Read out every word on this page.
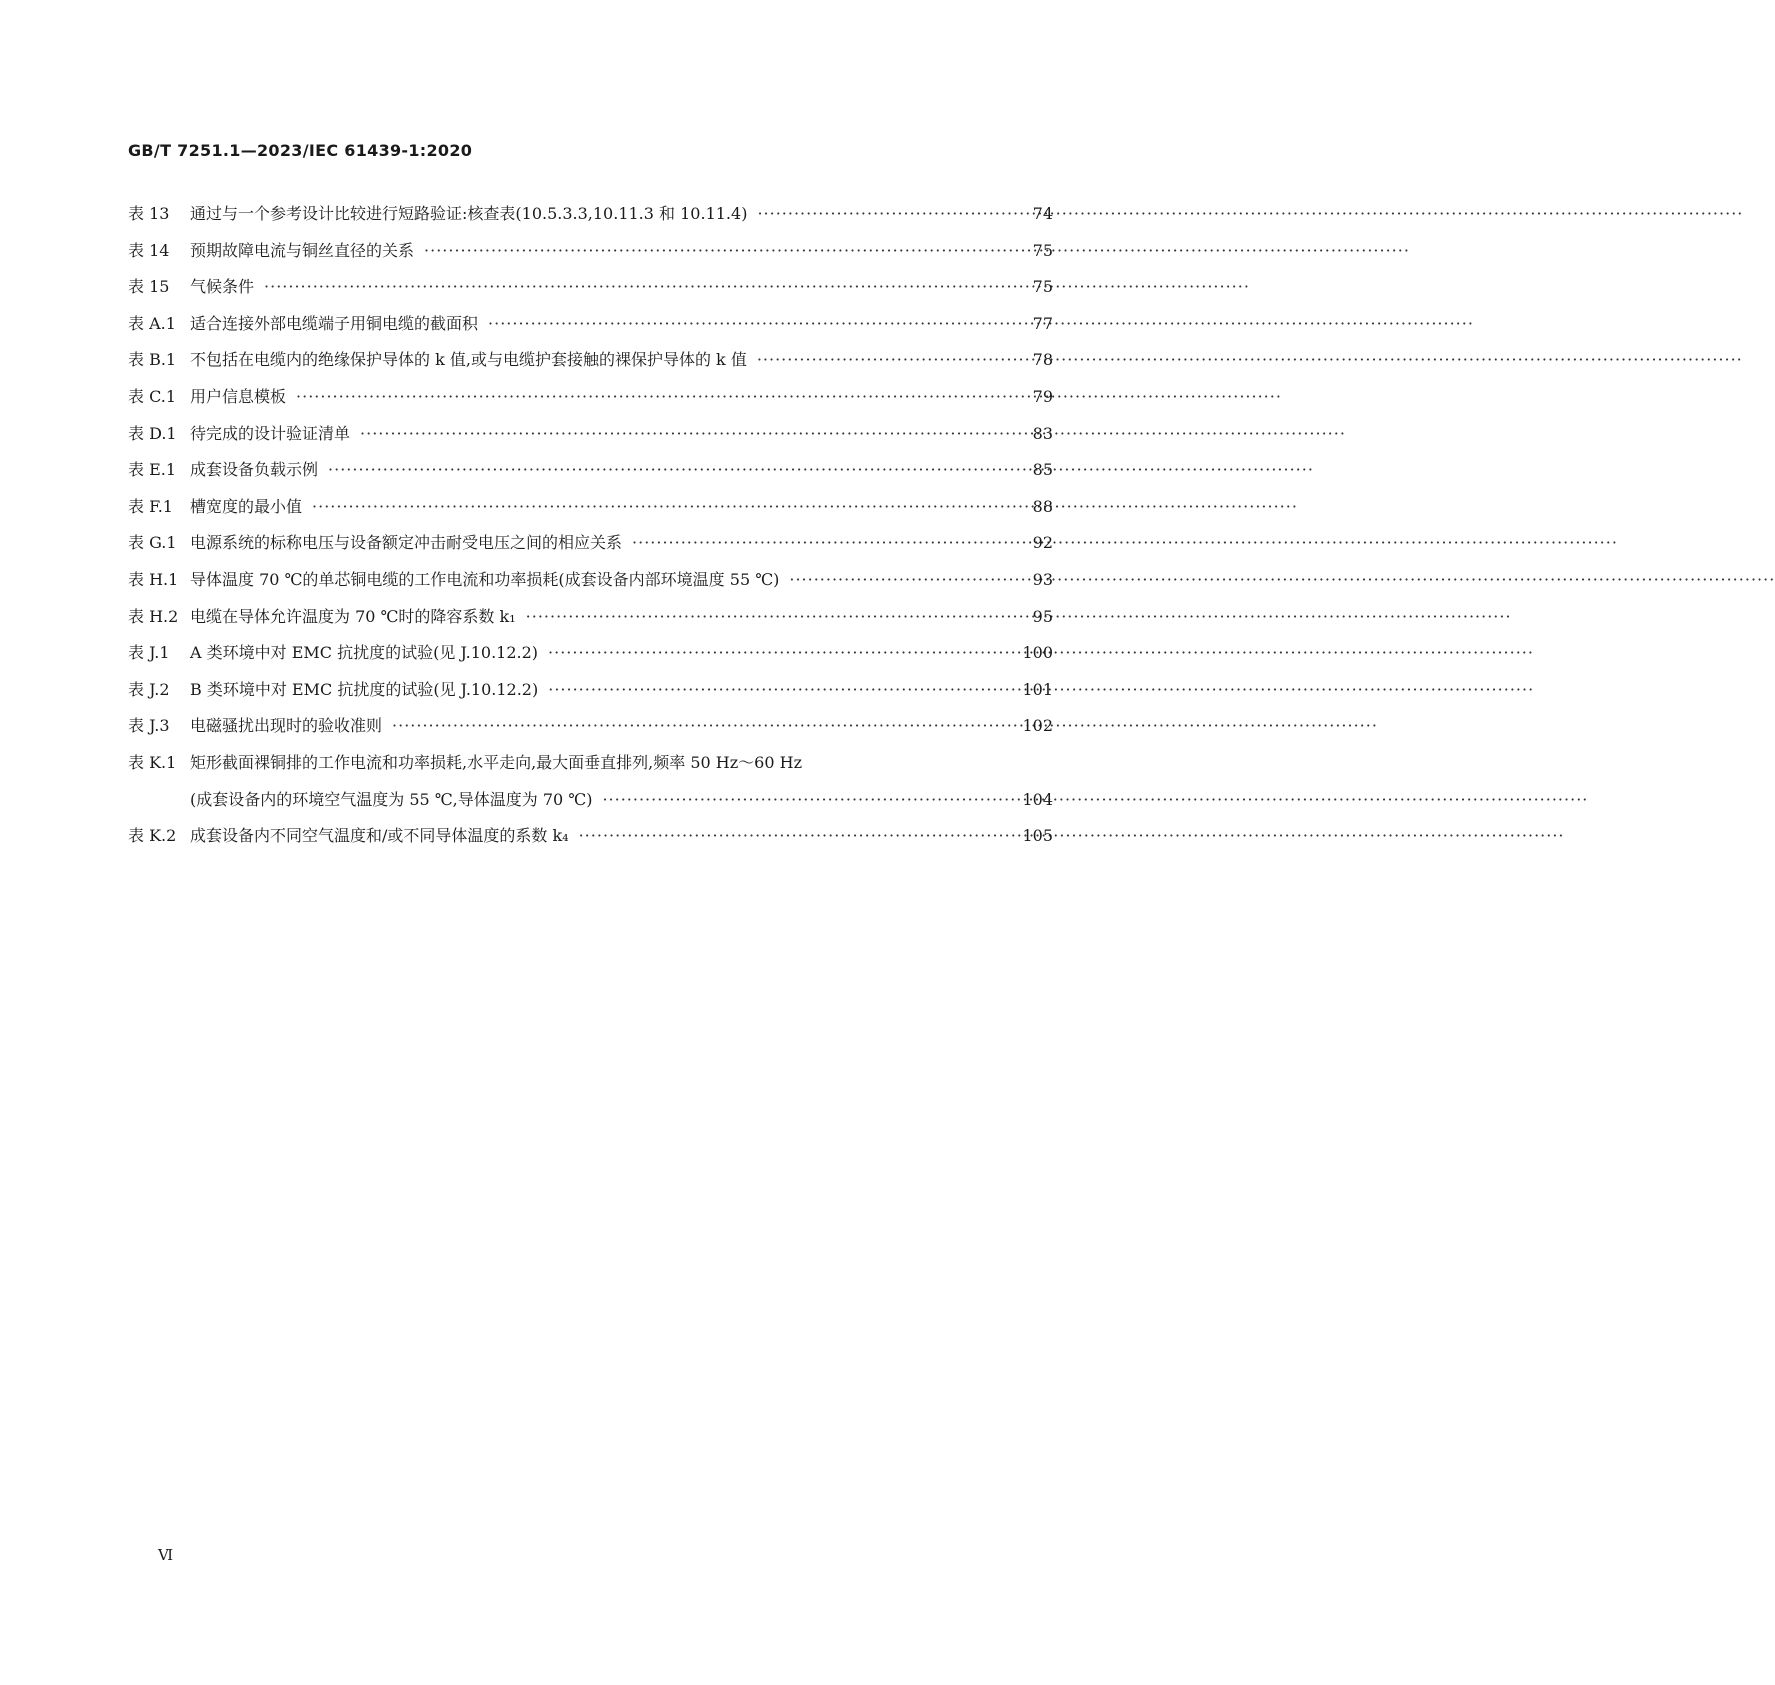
GB/T 7251.1—2023/IEC 61439-1:2020
表 13	通过与一个参考设计比较进行短路验证:核查表(10.5.3.3,10.11.3 和 10.11.4) ·····	74
表 14	预期故障电流与铜丝直径的关系 ·····	75
表 15	气候条件 ·····	75
表 A.1 适合连接外部电缆端子用铜电缆的截面积 ·····	77
表 B.1 不包括在电缆内的绝缘保护导体的 k 值,或与电缆护套接触的裸保护导体的 k 值 ·····	78
表 C.1 用户信息模板 ·····	79
表 D.1 待完成的设计验证清单 ·····	83
表 E.1 成套设备负载示例 ·····	85
表 F.1	槽宽度的最小值 ·····	88
表 G.1 电源系统的标称电压与设备额定冲击耐受电压之间的相应关系 ·····	92
表 H.1 导体温度 70 ℃的单芯铜电缆的工作电流和功率损耗(成套设备内部环境温度 55 ℃) ·····	93
表 H.2 电缆在导体允许温度为 70 ℃时的降容系数 k₁ ·····	95
表 J.1	A 类环境中对 EMC 抗扰度的试验(见 J.10.12.2) ·····	100
表 J.2	B 类环境中对 EMC 抗扰度的试验(见 J.10.12.2) ·····	101
表 J.3	电磁骚扰出现时的验收准则 ·····	102
表 K.1 矩形截面裸铜排的工作电流和功率损耗,水平走向,最大面垂直排列,频率 50 Hz～60 Hz
(成套设备内的环境空气温度为 55 ℃,导体温度为 70 ℃) ·····	104
表 K.2 成套设备内不同空气温度和/或不同导体温度的系数 k₄ ·····	105
Ⅵ
